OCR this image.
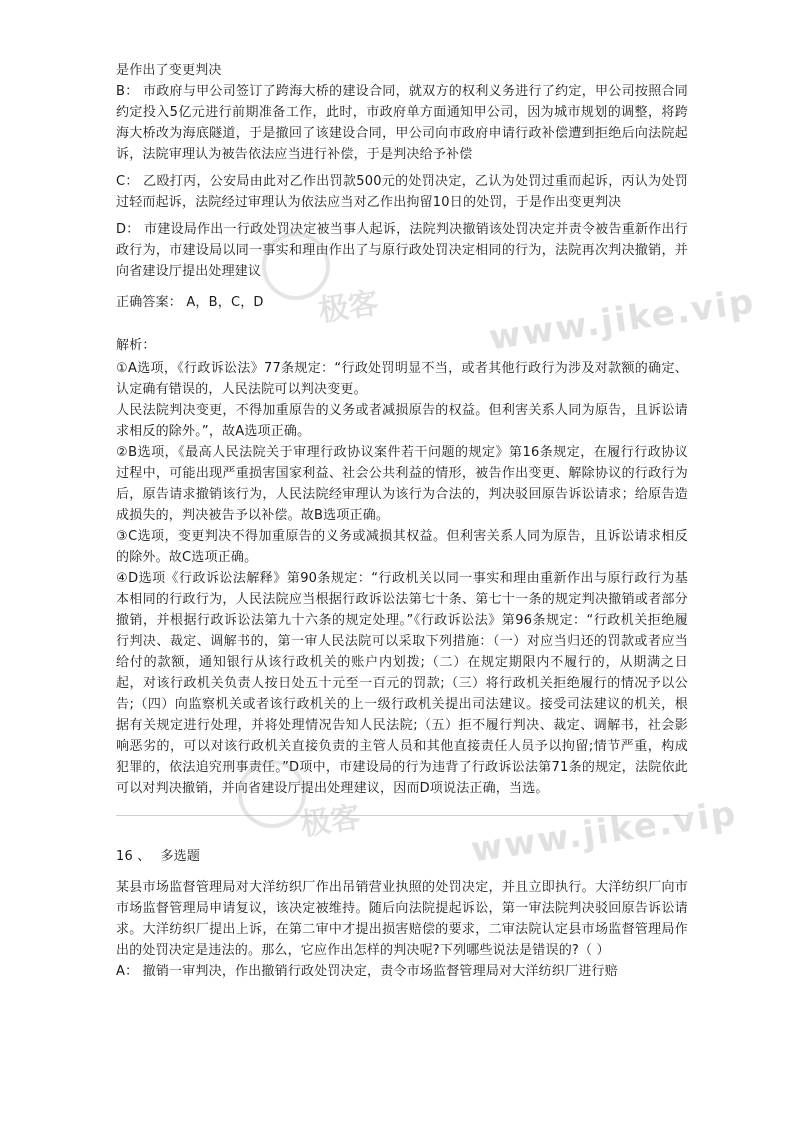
是作出了变更判决

B： 市政府与甲公司签订了跨海大桥的建设合同，就双方的权利义务进行了约定，甲公司按照合同约定投入5亿元进行前期准备工作，此时，市政府单方面通知甲公司，因为城市规划的调整，将跨海大桥改为海底隧道，于是撤回了该建设合同，甲公司向市政府申请行政补偿遭到拒绝后向法院起诉，法院审理认为被告依法应当进行补偿，于是判决给予补偿

C： 乙殴打丙，公安局由此对乙作出罚款500元的处罚决定，乙认为处罚过重而起诉，丙认为处罚过轻而起诉，法院经过审理认为依法应当对乙作出拘留10日的处罚，于是作出变更判决

D： 市建设局作出一行政处罚决定被当事人起诉，法院判决撤销该处罚决定并责令被告重新作出行政行为，市建设局以同一事实和理由作出了与原行政处罚决定相同的行为，法院再次判决撤销，并向省建设厅提出处理建议

正确答案： A，B，C，D

解析：

①A选项，《行政诉讼法》77条规定：“行政处罚明显不当，或者其他行政行为涉及对款额的确定、认定确有错误的，人民法院可以判决变更。

人民法院判决变更，不得加重原告的义务或者减损原告的权益。但利害关系人同为原告，且诉讼请求相反的除外。”，故A选项正确。

②B选项，《最高人民法院关于审理行政协议案件若干问题的规定》第16条规定，在履行行政协议过程中，可能出现严重损害国家利益、社会公共利益的情形，被告作出变更、解除协议的行政行为后，原告请求撤销该行为，人民法院经审理认为该行为合法的，判决驳回原告诉讼请求；给原告造成损失的，判决被告予以补偿。故B选项正确。

③C选项，变更判决不得加重原告的义务或减损其权益。但利害关系人同为原告，且诉讼请求相反的除外。故C选项正确。

④D选项《行政诉讼法解释》第90条规定：“行政机关以同一事实和理由重新作出与原行政行为基本相同的行政行为，人民法院应当根据行政诉讼法第七十条、第七十一条的规定判决撤销或者部分撤销，并根据行政诉讼法第九十六条的规定处理。”《行政诉讼法》第96条规定：“行政机关拒绝履行判决、裁定、调解书的，第一审人民法院可以采取下列措施：（一）对应当归还的罚款或者应当给付的款额，通知银行从该行政机关的账户内划拨;（二）在规定期限内不履行的，从期满之日起，对该行政机关负责人按日处五十元至一百元的罚款;（三）将行政机关拒绝履行的情况予以公告;（四）向监察机关或者该行政机关的上一级行政机关提出司法建议。接受司法建议的机关，根据有关规定进行处理，并将处理情况告知人民法院;（五）拒不履行判决、裁定、调解书，社会影响恶劣的，可以对该行政机关直接负责的主管人员和其他直接责任人员予以拘留;情节严重，构成犯罪的，依法追究刑事责任。”D项中，市建设局的行为违背了行政诉讼法第71条的规定，法院依此可以对判决撤销，并向省建设厅提出处理建议，因而D项说法正确，当选。

16 、 多选题

某县市场监督管理局对大洋纺织厂作出吊销营业执照的处罚决定，并且立即执行。大洋纺织厂向市市场监督管理局申请复议，该决定被维持。随后向法院提起诉讼，第一审法院判决驳回原告诉讼请求。大洋纺织厂提出上诉，在第二审中才提出损害赔偿的要求，二审法院认定县市场监督管理局作出的处罚决定是违法的。那么，它应作出怎样的判决呢?下列哪些说法是错误的?（ ）

A： 撤销一审判决，作出撤销行政处罚决定，责令市场监督管理局对大洋纺织厂进行赔

极客	www.jike.vip
极客	www.jike.vip
